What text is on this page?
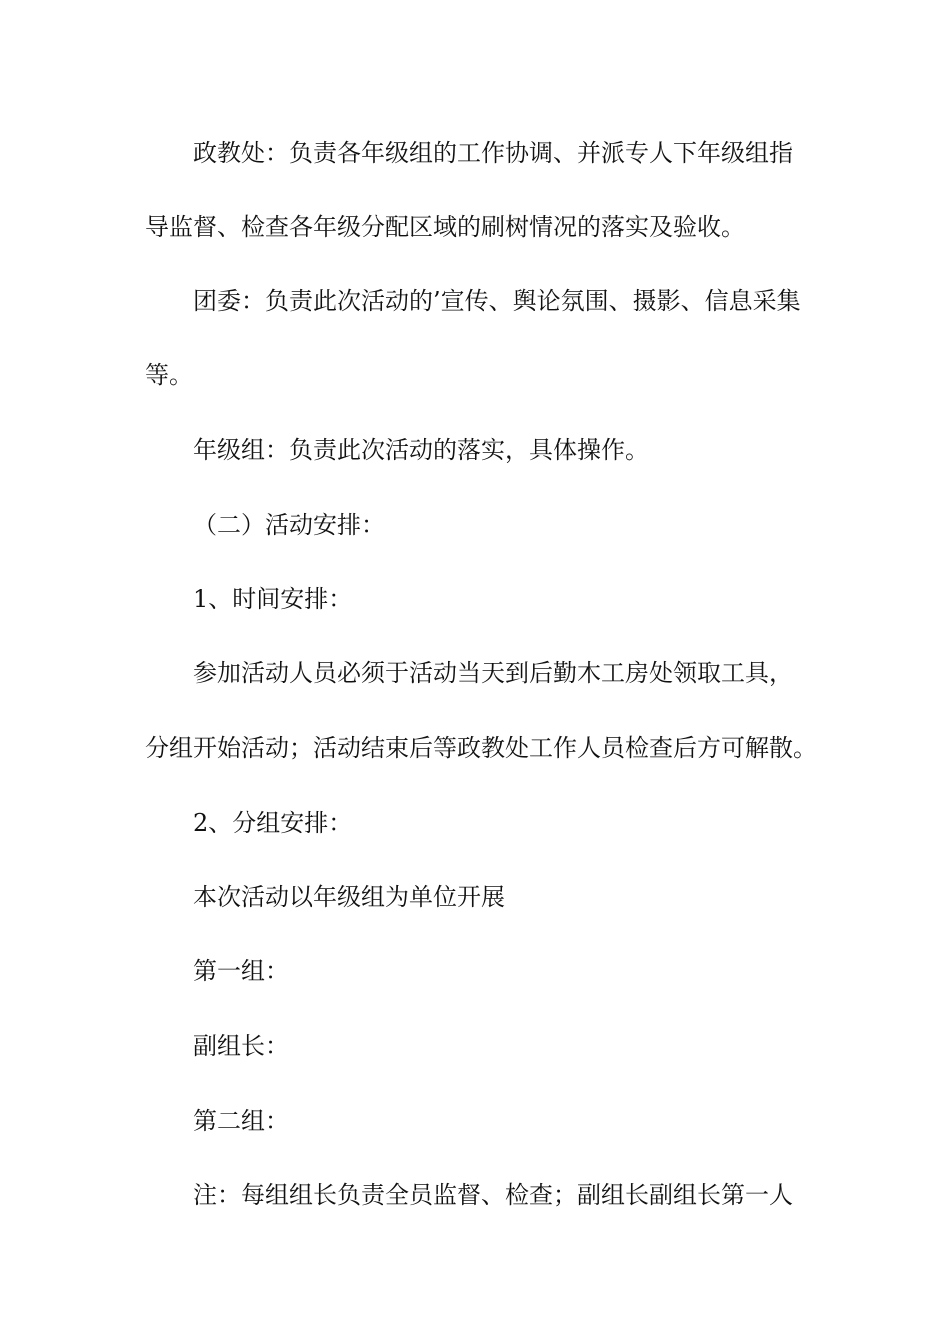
政教处：负责各年级组的工作协调、并派专人下年级组指

导监督、检查各年级分配区域的刷树情况的落实及验收。

团委：负责此次活动的’宣传、舆论氛围、摄影、信息采集

等。

年级组：负责此次活动的落实，具体操作。

（二）活动安排：

1、时间安排：

参加活动人员必须于活动当天到后勤木工房处领取工具，

分组开始活动；活动结束后等政教处工作人员检查后方可解散。

2、分组安排：

本次活动以年级组为单位开展

第一组：

副组长：

第二组：

注：每组组长负责全员监督、检查；副组长副组长第一人
